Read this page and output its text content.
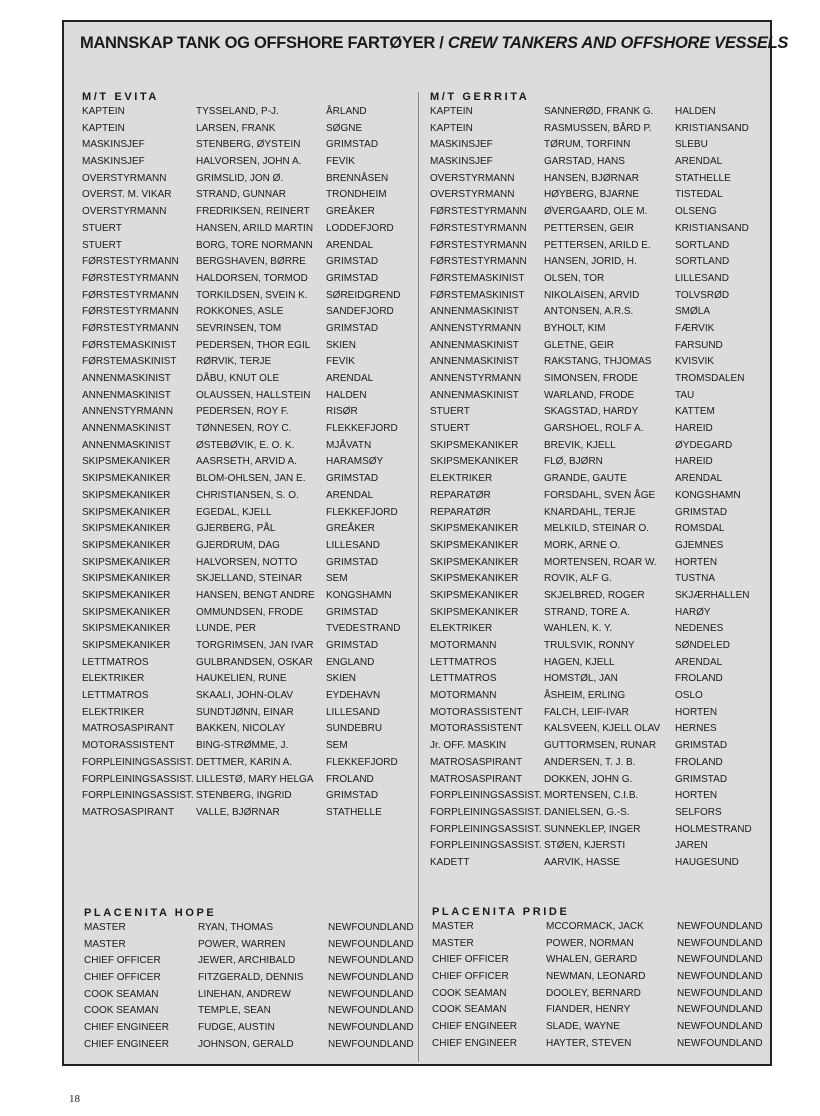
MANNSKAP TANK OG OFFSHORE FARTØYER / CREW TANKERS AND OFFSHORE VESSELS
M/T EVITA
KAPTEIN	TYSSELAND, P-J.	ÅRLAND
KAPTEIN	LARSEN, FRANK	SØGNE
MASKINSJEF	STENBERG, ØYSTEIN	GRIMSTAD
MASKINSJEF	HALVORSEN, JOHN A.	FEVIK
OVERSTYRMANN	GRIMSLID, JON Ø.	BRENNÅSEN
OVERST. M. VIKAR	STRAND, GUNNAR	TRONDHEIM
OVERSTYRMANN	FREDRIKSEN, REINERT	GREÅKER
STUERT	HANSEN, ARILD MARTIN	LODDEFJORD
STUERT	BORG, TORE NORMANN	ARENDAL
FØRSTESTYRMANN	BERGSHAVEN, BØRRE	GRIMSTAD
FØRSTESTYRMANN	HALDORSEN, TORMOD	GRIMSTAD
FØRSTESTYRMANN	TORKILDSEN, SVEIN K.	SØREIDGREND
FØRSTESTYRMANN	ROKKONES, ASLE	SANDEFJORD
FØRSTESTYRMANN	SEVRINSEN, TOM	GRIMSTAD
FØRSTEMASKINIST	PEDERSEN, THOR EGIL	SKIEN
FØRSTEMASKINIST	RØRVIK, TERJE	FEVIK
ANNENMASKINIST	DÅBU, KNUT OLE	ARENDAL
ANNENMASKINIST	OLAUSSEN, HALLSTEIN	HALDEN
ANNENSTYRMANN	PEDERSEN, ROY F.	RISØR
ANNENMASKINIST	TØNNESEN, ROY C.	FLEKKEFJORD
ANNENMASKINIST	ØSTEBØVIK, E. O. K.	MJÅVATN
SKIPSMEKANIKER	AASRSETH, ARVID A.	HARAMSØY
SKIPSMEKANIKER	BLOM-OHLSEN, JAN E.	GRIMSTAD
SKIPSMEKANIKER	CHRISTIANSEN, S. O.	ARENDAL
SKIPSMEKANIKER	EGEDAL, KJELL	FLEKKEFJORD
SKIPSMEKANIKER	GJERBERG, PÅL	GREÅKER
SKIPSMEKANIKER	GJERDRUM, DAG	LILLESAND
SKIPSMEKANIKER	HALVORSEN, NOTTO	GRIMSTAD
SKIPSMEKANIKER	SKJELLAND, STEINAR	SEM
SKIPSMEKANIKER	HANSEN, BENGT ANDRE	KONGSHAMN
SKIPSMEKANIKER	OMMUNDSEN, FRODE	GRIMSTAD
SKIPSMEKANIKER	LUNDE, PER	TVEDESTRAND
SKIPSMEKANIKER	TORGRIMSEN, JAN IVAR	GRIMSTAD
LETTMATROS	GULBRANDSEN, OSKAR	ENGLAND
ELEKTRIKER	HAUKELIEN, RUNE	SKIEN
LETTMATROS	SKAALI, JOHN-OLAV	EYDEHAVN
ELEKTRIKER	SUNDTJØNN, EINAR	LILLESAND
MATROSASPIRANT	BAKKEN, NICOLAY	SUNDEBRU
MOTORASSISTENT	BING-STRØMME, J.	SEM
FORPLEININGSASSIST. DETTMER, KARIN A.	FLEKKEFJORD
FORPLEININGSASSIST. LILLESTØ, MARY HELGA	FROLAND
FORPLEININGSASSIST. STENBERG, INGRID	GRIMSTAD
MATROSASPIRANT	VALLE, BJØRNAR	STATHELLE
M/T GERRITA
KAPTEIN	SANNERØD, FRANK G.	HALDEN
KAPTEIN	RASMUSSEN, BÅRD P.	KRISTIANSAND
MASKINSJEF	TØRUM, TORFINN	SLEBU
MASKINSJEF	GARSTAD, HANS	ARENDAL
OVERSTYRMANN	HANSEN, BJØRNAR	STATHELLE
OVERSTYRMANN	HØYBERG, BJARNE	TISTEDAL
FØRSTESTYRMANN	ØVERGAARD, OLE M.	OLSENG
FØRSTESTYRMANN	PETTERSEN, GEIR	KRISTIANSAND
FØRSTESTYRMANN	PETTERSEN, ARILD E.	SORTLAND
FØRSTESTYRMANN	HANSEN, JORID, H.	SORTLAND
FØRSTEMASKINIST	OLSEN, TOR	LILLESAND
FØRSTEMASKINIST	NIKOLAISEN, ARVID	TOLVSRØD
ANNENMASKINIST	ANTONSEN, A.R.S.	SMØLA
ANNENSTYRMANN	BYHOLT, KIM	FÆRVIK
ANNENMASKINIST	GLETNE, GEIR	FARSUND
ANNENMASKINIST	RAKSTANG, THJOMAS	KVISVIK
ANNENSTYRMANN	SIMONSEN, FRODE	TROMSDALEN
ANNENMASKINIST	WARLAND, FRODE	TAU
STUERT	SKAGSTAD, HARDY	KATTEM
STUERT	GARSHOEL, ROLF A.	HAREID
SKIPSMEKANIKER	BREVIK, KJELL	ØYDEGARD
SKIPSMEKANIKER	FLØ, BJØRN	HAREID
ELEKTRIKER	GRANDE, GAUTE	ARENDAL
REPARATØR	FORSDAHL, SVEN ÅGE	KONGSHAMN
REPARATØR	KNARDAHL, TERJE	GRIMSTAD
SKIPSMEKANIKER	MELKILD, STEINAR O.	ROMSDAL
SKIPSMEKANIKER	MORK, ARNE O.	GJEMNES
SKIPSMEKANIKER	MORTENSEN, ROAR W.	HORTEN
SKIPSMEKANIKER	ROVIK, ALF G.	TUSTNA
SKIPSMEKANIKER	SKJELBRED, ROGER	SKJÆRHALLEN
SKIPSMEKANIKER	STRAND, TORE A.	HARØY
ELEKTRIKER	WAHLEN, K. Y.	NEDENES
MOTORMANN	TRULSVIK, RONNY	SØNDELED
LETTMATROS	HAGEN, KJELL	ARENDAL
LETTMATROS	HOMSTØL, JAN	FROLAND
MOTORMANN	ÅSHEIM, ERLING	OSLO
MOTORASSISTENT	FALCH, LEIF-IVAR	HORTEN
MOTORASSISTENT	KALSVEEN, KJELL OLAV	HERNES
Jr. OFF. MASKIN	GUTTORMSEN, RUNAR	GRIMSTAD
MATROSASPIRANT	ANDERSEN, T. J. B.	FROLAND
MATROSASPIRANT	DOKKEN, JOHN G.	GRIMSTAD
FORPLEININGSASSIST. MORTENSEN, C.I.B.	HORTEN
FORPLEININGSASSIST. DANIELSEN, G.-S.	SELFORS
FORPLEININGSASSIST. SUNNEKLEP, INGER	HOLMESTRAND
FORPLEININGSASSIST. STØEN, KJERSTI	JAREN
KADETT	AARVIK, HASSE	HAUGESUND
PLACENITA HOPE
MASTER	RYAN, THOMAS	NEWFOUNDLAND
MASTER	POWER, WARREN	NEWFOUNDLAND
CHIEF OFFICER	JEWER, ARCHIBALD	NEWFOUNDLAND
CHIEF OFFICER	FITZGERALD, DENNIS	NEWFOUNDLAND
COOK SEAMAN	LINEHAN, ANDREW	NEWFOUNDLAND
COOK SEAMAN	TEMPLE, SEAN	NEWFOUNDLAND
CHIEF ENGINEER	FUDGE, AUSTIN	NEWFOUNDLAND
CHIEF ENGINEER	JOHNSON, GERALD	NEWFOUNDLAND
PLACENITA PRIDE
MASTER	MCCORMACK, JACK	NEWFOUNDLAND
MASTER	POWER, NORMAN	NEWFOUNDLAND
CHIEF OFFICER	WHALEN, GERARD	NEWFOUNDLAND
CHIEF OFFICER	NEWMAN, LEONARD	NEWFOUNDLAND
COOK SEAMAN	DOOLEY, BERNARD	NEWFOUNDLAND
COOK SEAMAN	FIANDER, HENRY	NEWFOUNDLAND
CHIEF ENGINEER	SLADE, WAYNE	NEWFOUNDLAND
CHIEF ENGINEER	HAYTER, STEVEN	NEWFOUNDLAND
18
